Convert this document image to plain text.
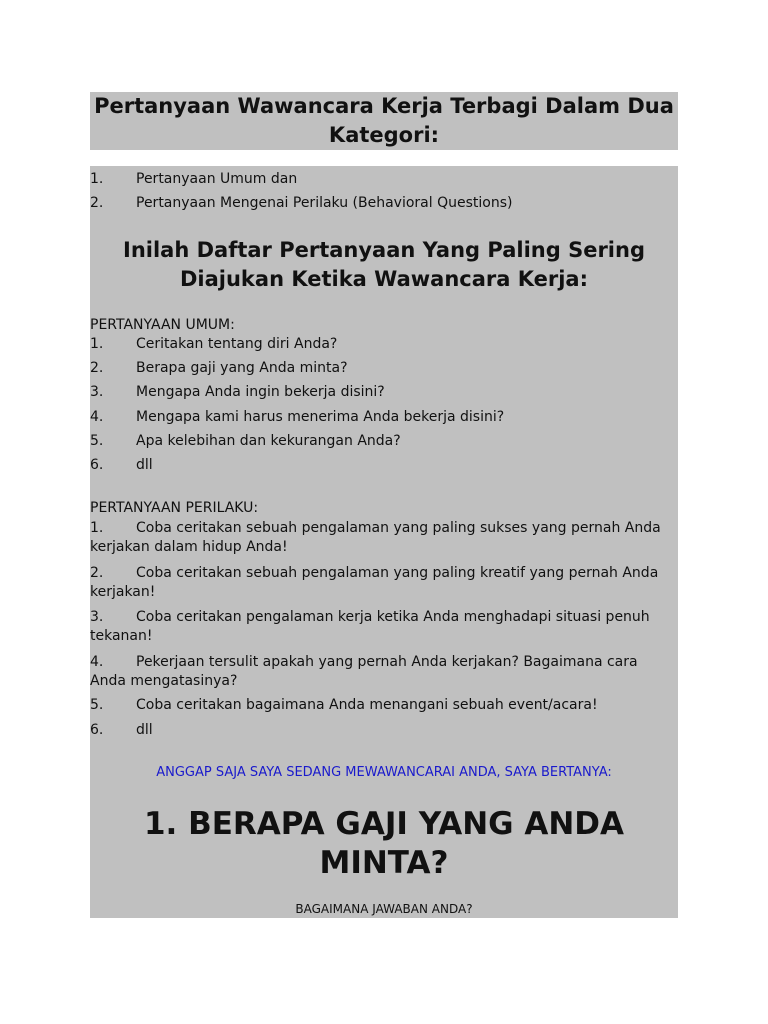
Pertanyaan Wawancara Kerja Terbagi Dalam Dua Kategori:
1. Pertanyaan Umum dan
2. Pertanyaan Mengenai Perilaku (Behavioral Questions)
Inilah Daftar Pertanyaan Yang Paling Sering Diajukan Ketika Wawancara Kerja:
PERTANYAAN UMUM:
1. Ceritakan tentang diri Anda?
2. Berapa gaji yang Anda minta?
3. Mengapa Anda ingin bekerja disini?
4. Mengapa kami harus menerima Anda bekerja disini?
5. Apa kelebihan dan kekurangan Anda?
6. dll
PERTANYAAN PERILAKU:
1.	Coba ceritakan sebuah pengalaman yang paling sukses yang pernah Anda kerjakan dalam hidup Anda!
2.	Coba ceritakan sebuah pengalaman yang paling kreatif yang pernah Anda kerjakan!
3.	Coba ceritakan pengalaman kerja ketika Anda menghadapi situasi penuh tekanan!
4.	Pekerjaan tersulit apakah yang pernah Anda kerjakan? Bagaimana cara Anda mengatasinya?
5. Coba ceritakan bagaimana Anda menangani sebuah event/acara!
6. dll
ANGGAP SAJA SAYA SEDANG MEWAWANCARAI ANDA, SAYA BERTANYA:
1. BERAPA GAJI YANG ANDA MINTA?
BAGAIMANA JAWABAN ANDA?
